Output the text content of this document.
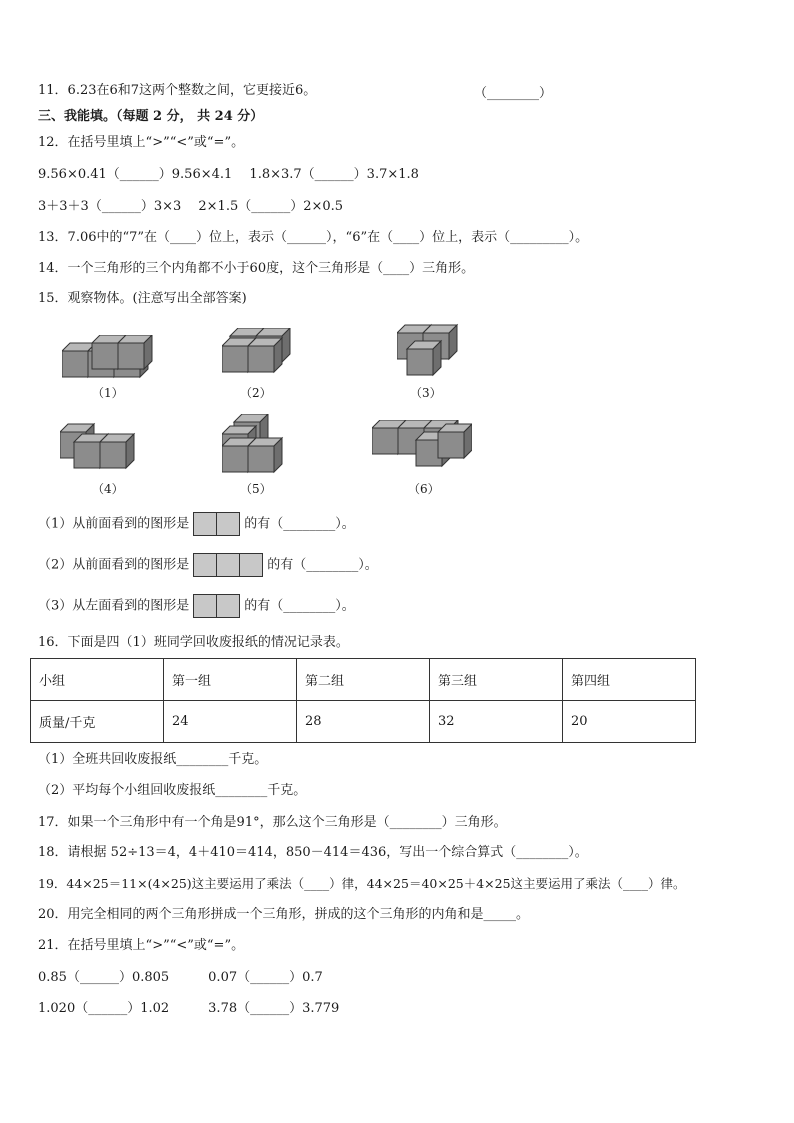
11．6.23在6和7这两个整数之间，它更接近6。	（________）
三、我能填。（每题 2 分， 共 24 分）
12．在括号里填上“>”“<”或“=”。
9.56×0.41（______）9.56×4.1　 1.8×3.7（______）3.7×1.8
3＋3＋3（______）3×3　 2×1.5（______）2×0.5
13．7.06中的“7”在（____）位上，表示（______），“6”在（____）位上，表示（_________）。
14．一个三角形的三个内角都不小于60度，这个三角形是（____）三角形。
15．观察物体。(注意写出全部答案)
（1）	（2）	（3）
（4）	（5）	（6）
（1）从前面看到的图形是	的有（________）。
（2）从前面看到的图形是	的有（________）。
（3）从左面看到的图形是	的有（________）。
16．下面是四（1）班同学回收废报纸的情况记录表。
小组	第一组	第二组	第三组	第四组
质量/千克	24	28	32	20
（1）全班共回收废报纸________千克。
（2）平均每个小组回收废报纸________千克。
17．如果一个三角形中有一个角是91°，那么这个三角形是（________）三角形。
18．请根据 52÷13＝4，4＋410＝414，850－414＝436，写出一个综合算式（________）。
19．44×25＝11×(4×25)这主要运用了乘法（____）律，44×25＝40×25＋4×25这主要运用了乘法（____）律。
20．用完全相同的两个三角形拼成一个三角形，拼成的这个三角形的内角和是_____。
21．在括号里填上“>”“<”或“=”。
0.85（______）0.805　　　0.07（______）0.7
1.020（______）1.02　　　3.78（______）3.779
